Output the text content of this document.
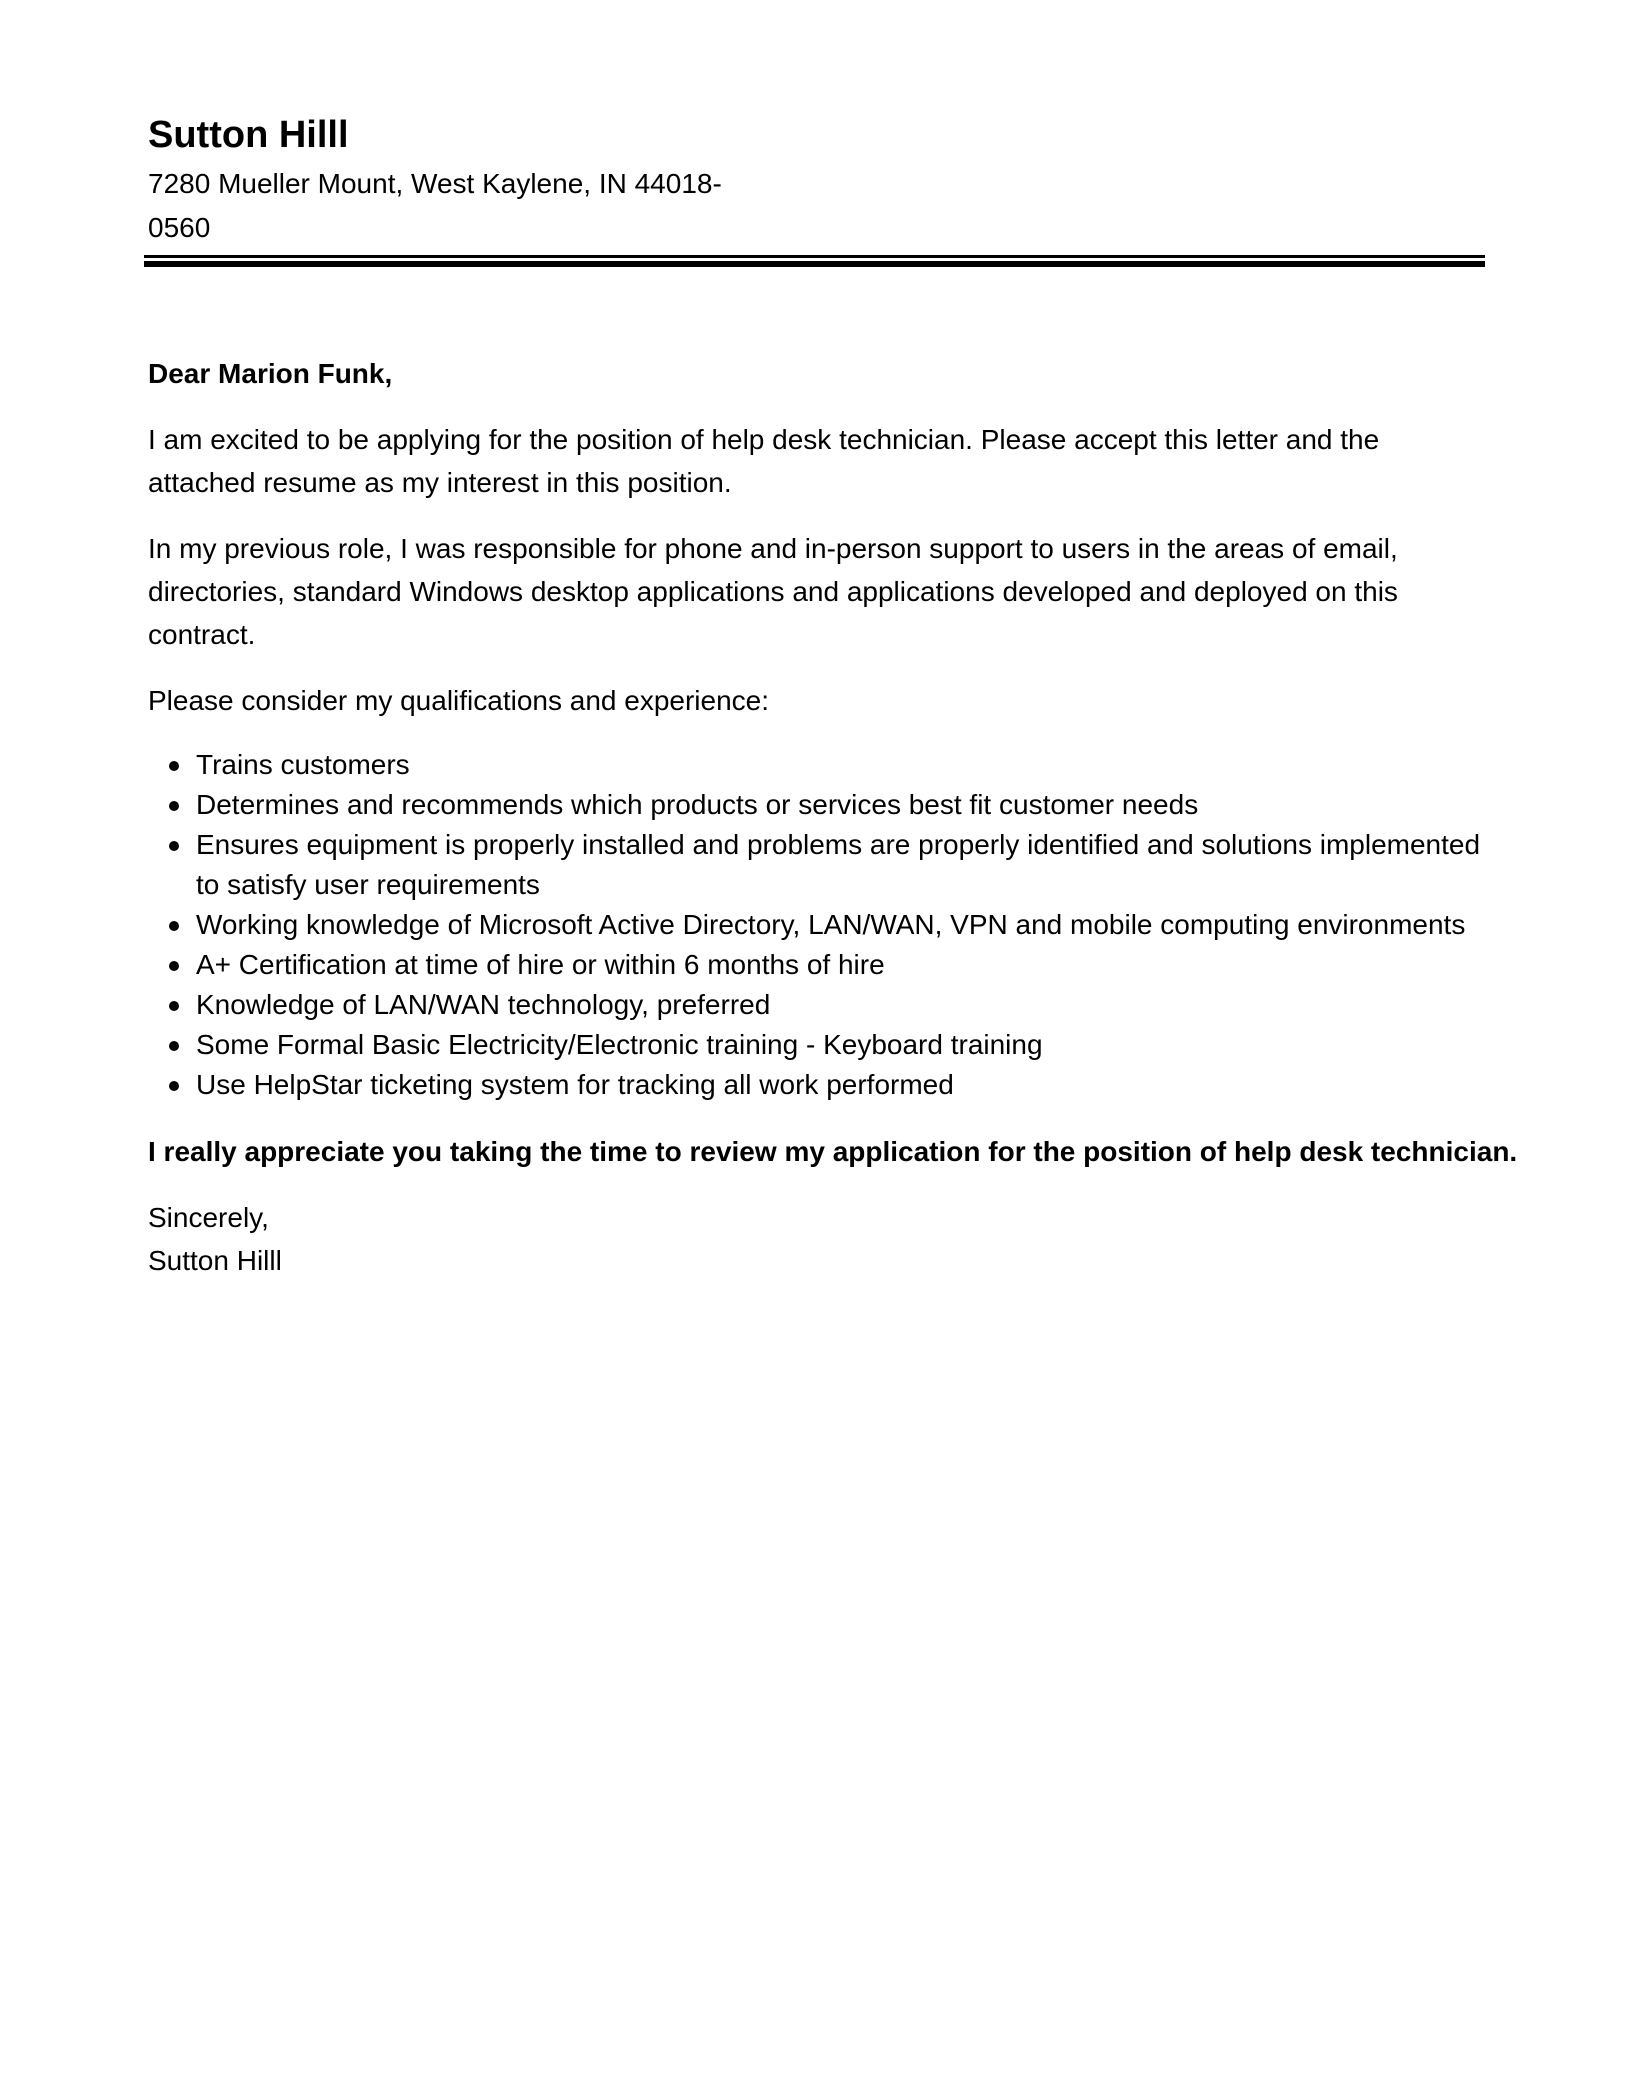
Sutton Hilll

7280 Mueller Mount, West Kaylene, IN 44018-0560

Dear Marion Funk,

I am excited to be applying for the position of help desk technician. Please accept this letter and the attached resume as my interest in this position.

In my previous role, I was responsible for phone and in-person support to users in the areas of email, directories, standard Windows desktop applications and applications developed and deployed on this contract.

Please consider my qualifications and experience:

Trains customers
Determines and recommends which products or services best fit customer needs
Ensures equipment is properly installed and problems are properly identified and solutions implemented to satisfy user requirements
Working knowledge of Microsoft Active Directory, LAN/WAN, VPN and mobile computing environments
A+ Certification at time of hire or within 6 months of hire
Knowledge of LAN/WAN technology, preferred
Some Formal Basic Electricity/Electronic training - Keyboard training
Use HelpStar ticketing system for tracking all work performed

I really appreciate you taking the time to review my application for the position of help desk technician.

Sincerely,

Sutton Hilll
